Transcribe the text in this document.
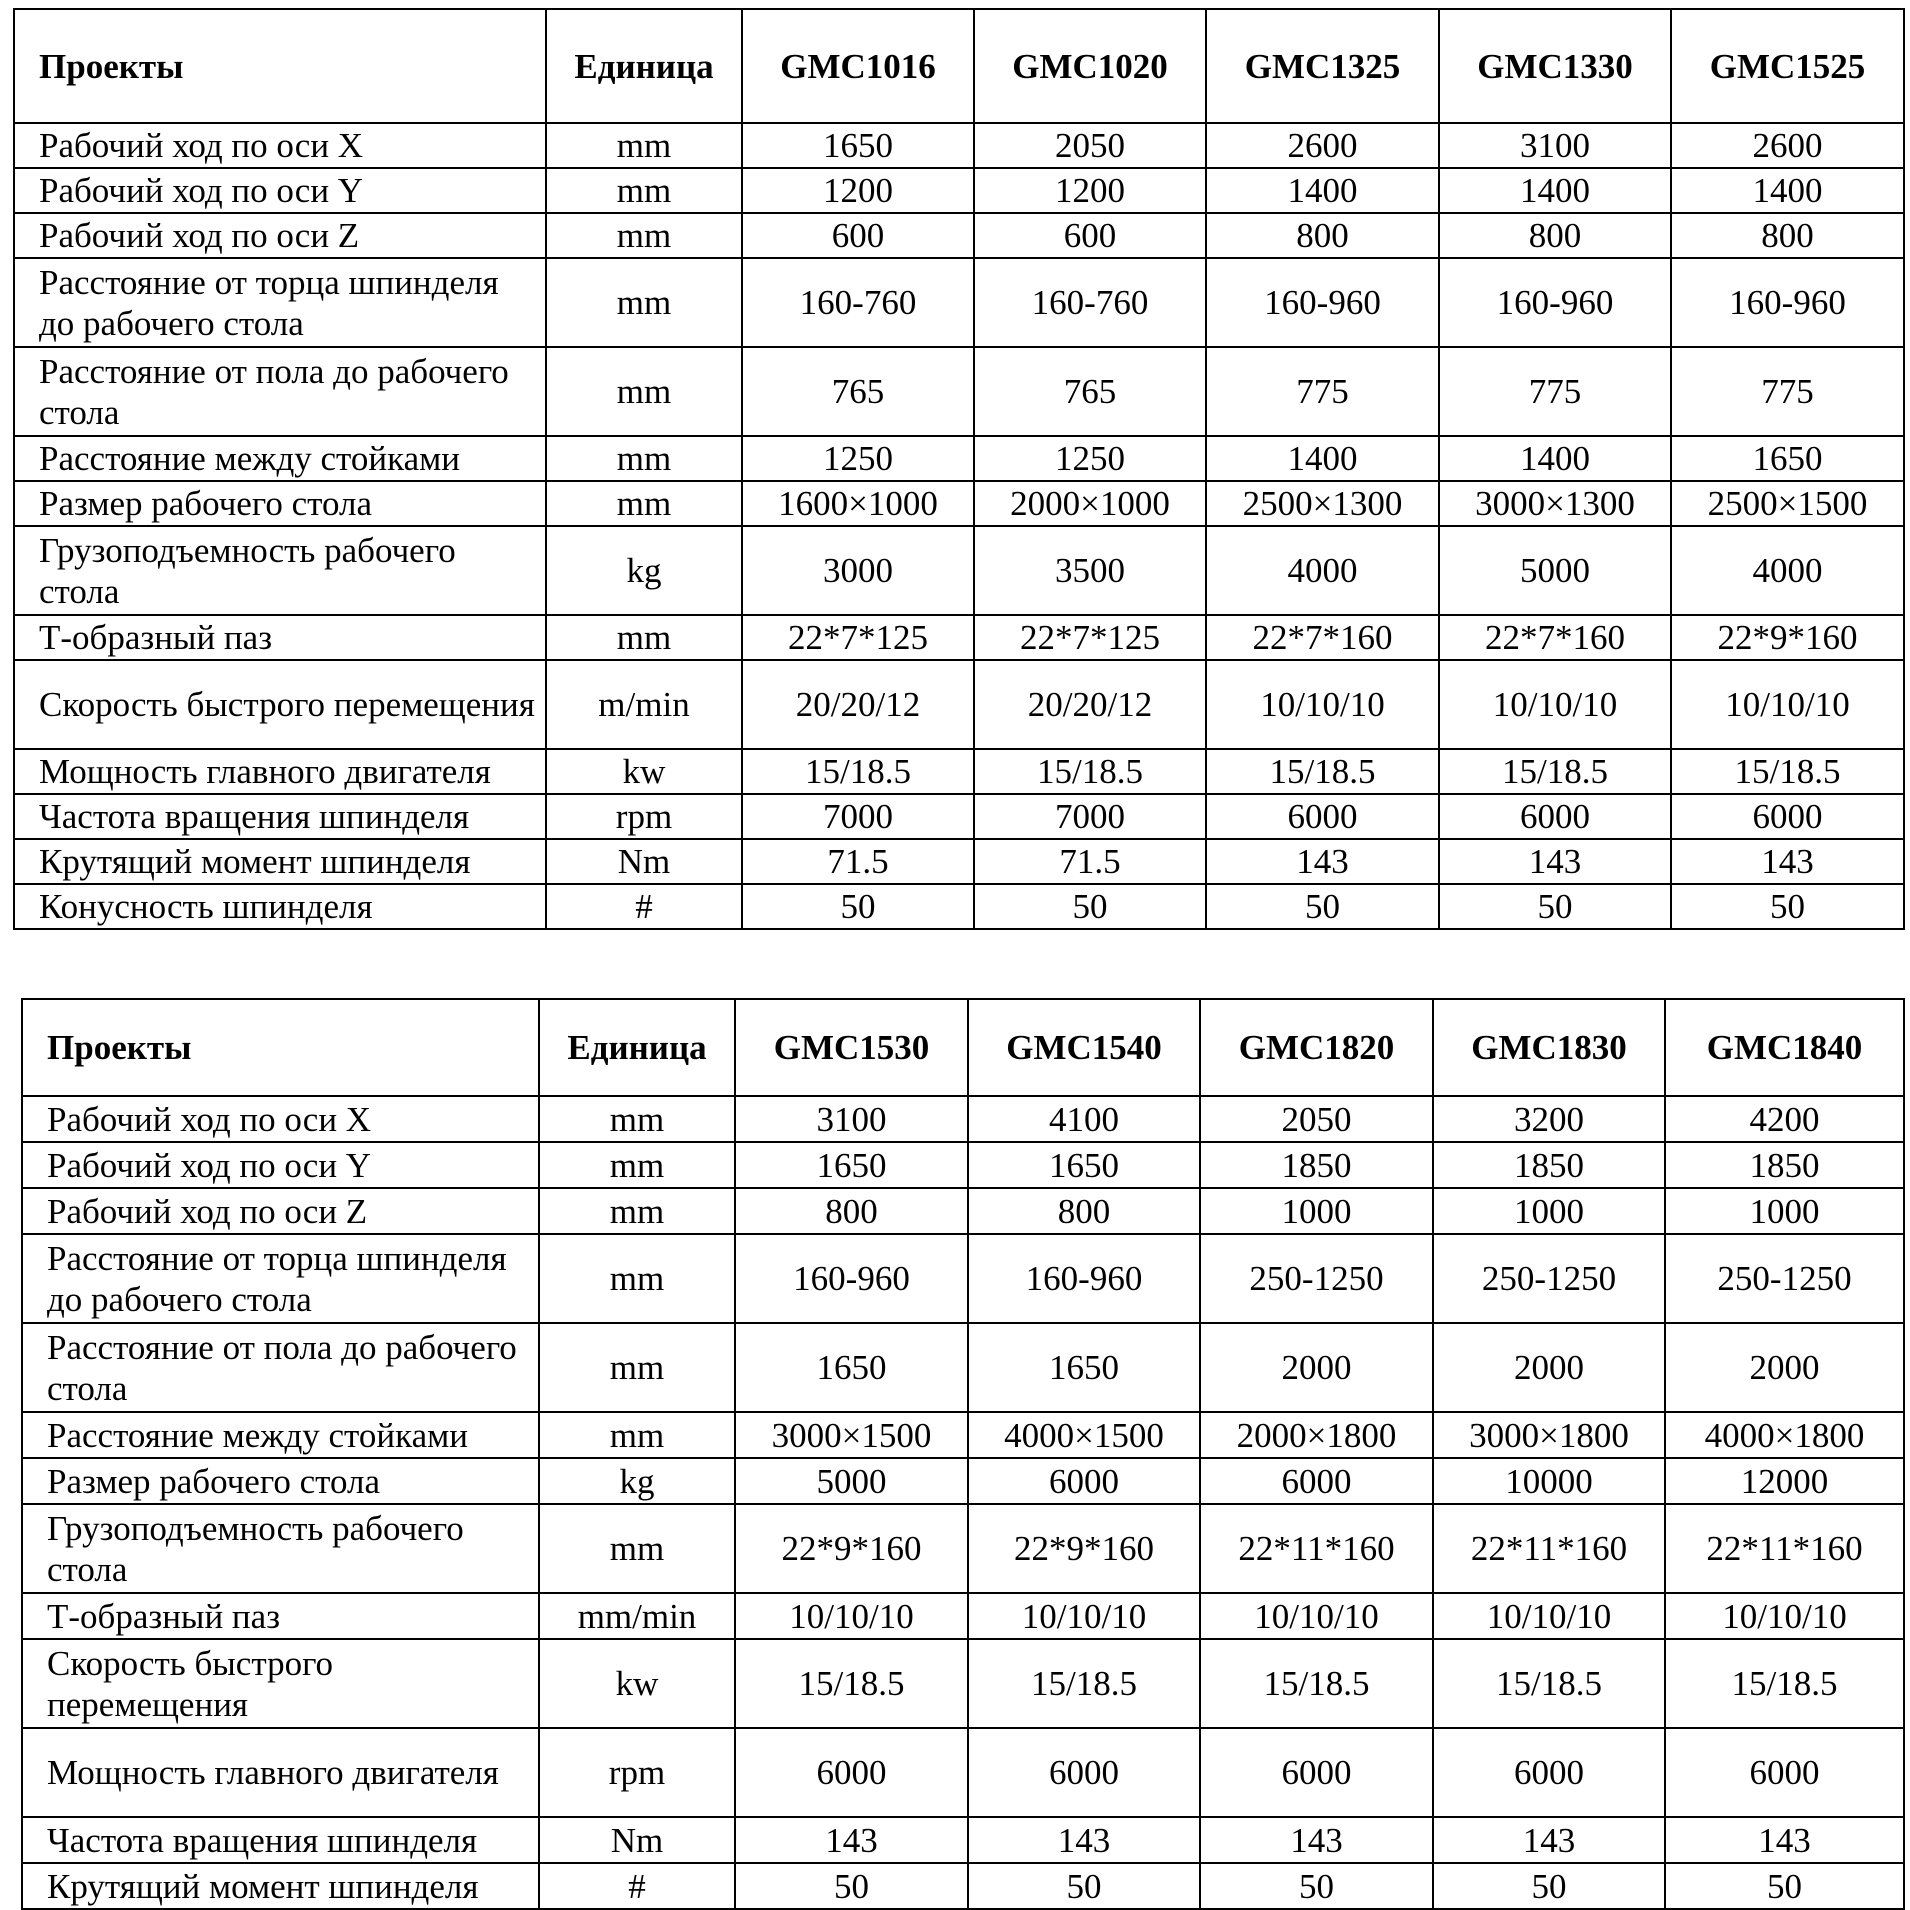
Проекты	Единица	GMC1016	GMC1020	GMC1325	GMC1330	GMC1525
Рабочий ход по оси X	mm	1650	2050	2600	3100	2600
Рабочий ход по оси Y	mm	1200	1200	1400	1400	1400
Рабочий ход по оси Z	mm	600	600	800	800	800
Расстояние от торца шпинделя до рабочего стола	mm	160-760	160-760	160-960	160-960	160-960
Расстояние от пола до рабочего стола	mm	765	765	775	775	775
Расстояние между стойками	mm	1250	1250	1400	1400	1650
Размер рабочего стола	mm	1600×1000	2000×1000	2500×1300	3000×1300	2500×1500
Грузоподъемность рабочего стола	kg	3000	3500	4000	5000	4000
Т-образный паз	mm	22*7*125	22*7*125	22*7*160	22*7*160	22*9*160
Скорость быстрого перемещения	m/min	20/20/12	20/20/12	10/10/10	10/10/10	10/10/10
Мощность главного двигателя	kw	15/18.5	15/18.5	15/18.5	15/18.5	15/18.5
Частота вращения шпинделя	rpm	7000	7000	6000	6000	6000
Крутящий момент шпинделя	Nm	71.5	71.5	143	143	143
Конусность шпинделя	#	50	50	50	50	50
Проекты	Единица	GMC1530	GMC1540	GMC1820	GMC1830	GMC1840
Рабочий ход по оси X	mm	3100	4100	2050	3200	4200
Рабочий ход по оси Y	mm	1650	1650	1850	1850	1850
Рабочий ход по оси Z	mm	800	800	1000	1000	1000
Расстояние от торца шпинделя до рабочего стола	mm	160-960	160-960	250-1250	250-1250	250-1250
Расстояние от пола до рабочего стола	mm	1650	1650	2000	2000	2000
Расстояние между стойками	mm	3000×1500	4000×1500	2000×1800	3000×1800	4000×1800
Размер рабочего стола	kg	5000	6000	6000	10000	12000
Грузоподъемность рабочего стола	mm	22*9*160	22*9*160	22*11*160	22*11*160	22*11*160
Т-образный паз	mm/min	10/10/10	10/10/10	10/10/10	10/10/10	10/10/10
Скорость быстрого перемещения	kw	15/18.5	15/18.5	15/18.5	15/18.5	15/18.5
Мощность главного двигателя	rpm	6000	6000	6000	6000	6000
Частота вращения шпинделя	Nm	143	143	143	143	143
Крутящий момент шпинделя	#	50	50	50	50	50
